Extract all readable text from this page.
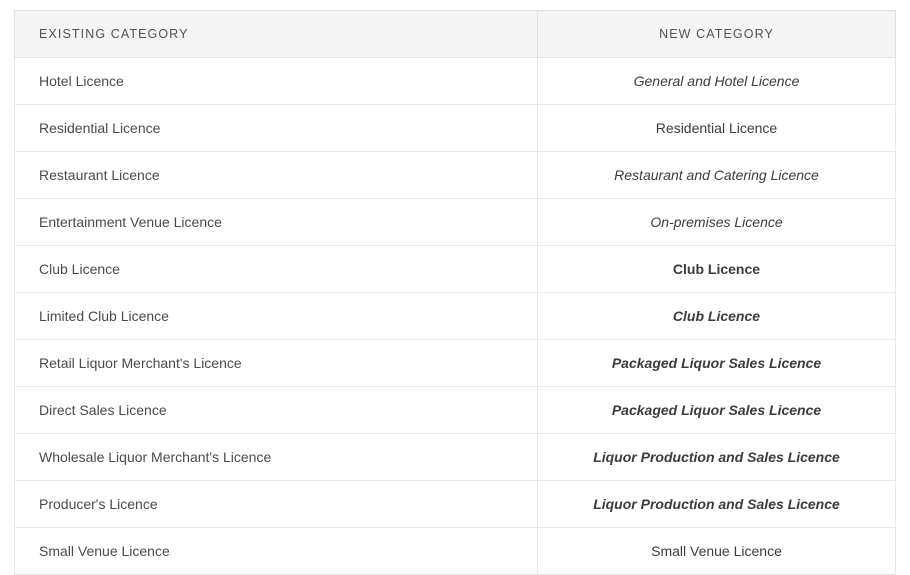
EXISTING CATEGORY	NEW CATEGORY
Hotel Licence	General and Hotel Licence
Residential Licence	Residential Licence
Restaurant Licence	Restaurant and Catering Licence
Entertainment Venue Licence	On-premises Licence
Club Licence	Club Licence
Limited Club Licence	Club Licence
Retail Liquor Merchant's Licence	Packaged Liquor Sales Licence
Direct Sales Licence	Packaged Liquor Sales Licence
Wholesale Liquor Merchant's Licence	Liquor Production and Sales Licence
Producer's Licence	Liquor Production and Sales Licence
Small Venue Licence	Small Venue Licence
